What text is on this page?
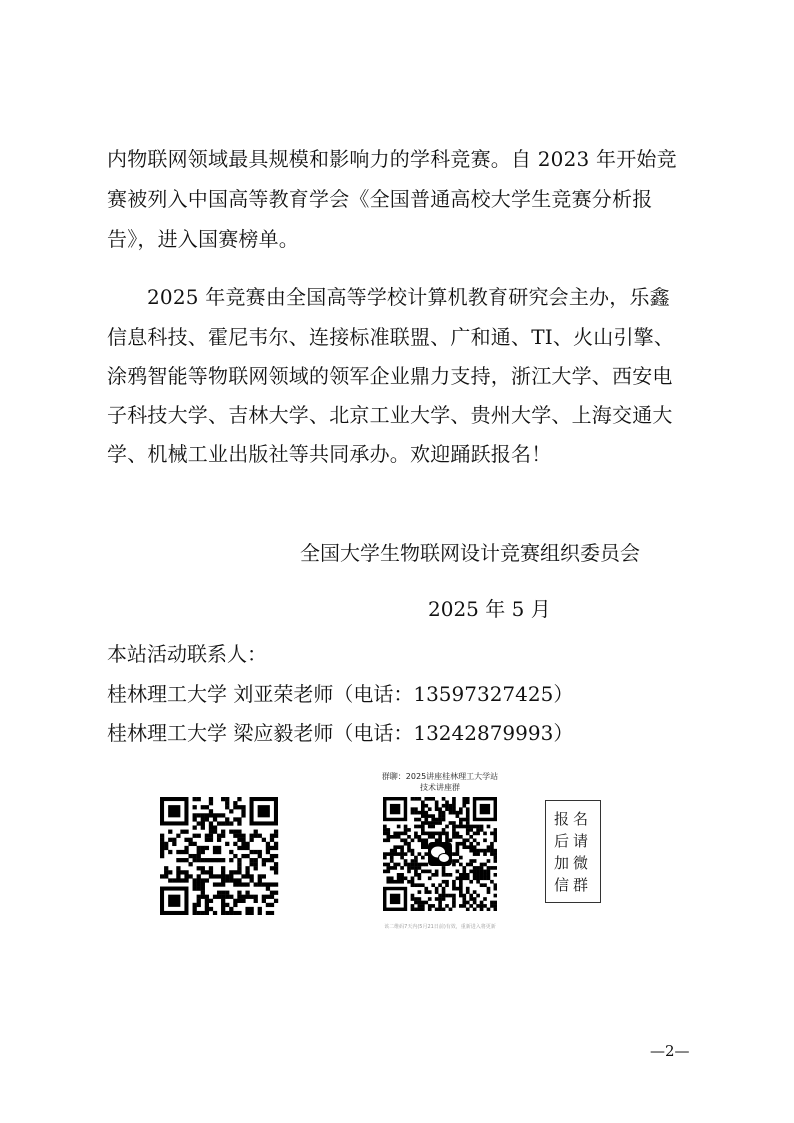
内物联网领域最具规模和影响力的学科竞赛。自 2023 年开始竞
赛被列入中国高等教育学会《全国普通高校大学生竞赛分析报
告》，进入国赛榜单。
2025 年竞赛由全国高等学校计算机教育研究会主办，乐鑫
信息科技、霍尼韦尔、连接标准联盟、广和通、TI、火山引擎、
涂鸦智能等物联网领域的领军企业鼎力支持，浙江大学、西安电
子科技大学、吉林大学、北京工业大学、贵州大学、上海交通大
学、机械工业出版社等共同承办。欢迎踊跃报名！
全国大学生物联网设计竞赛组织委员会
2025 年 5 月
本站活动联系人：
桂林理工大学 刘亚荣老师（电话：13597327425）
桂林理工大学 梁应毅老师（电话：13242879993）
群聊：2025讲座桂林理工大学站
技术讲座群
该二维码7天内(5月21日前)有效，重新进入将更新
报名
后请
加微
信群
—2—
